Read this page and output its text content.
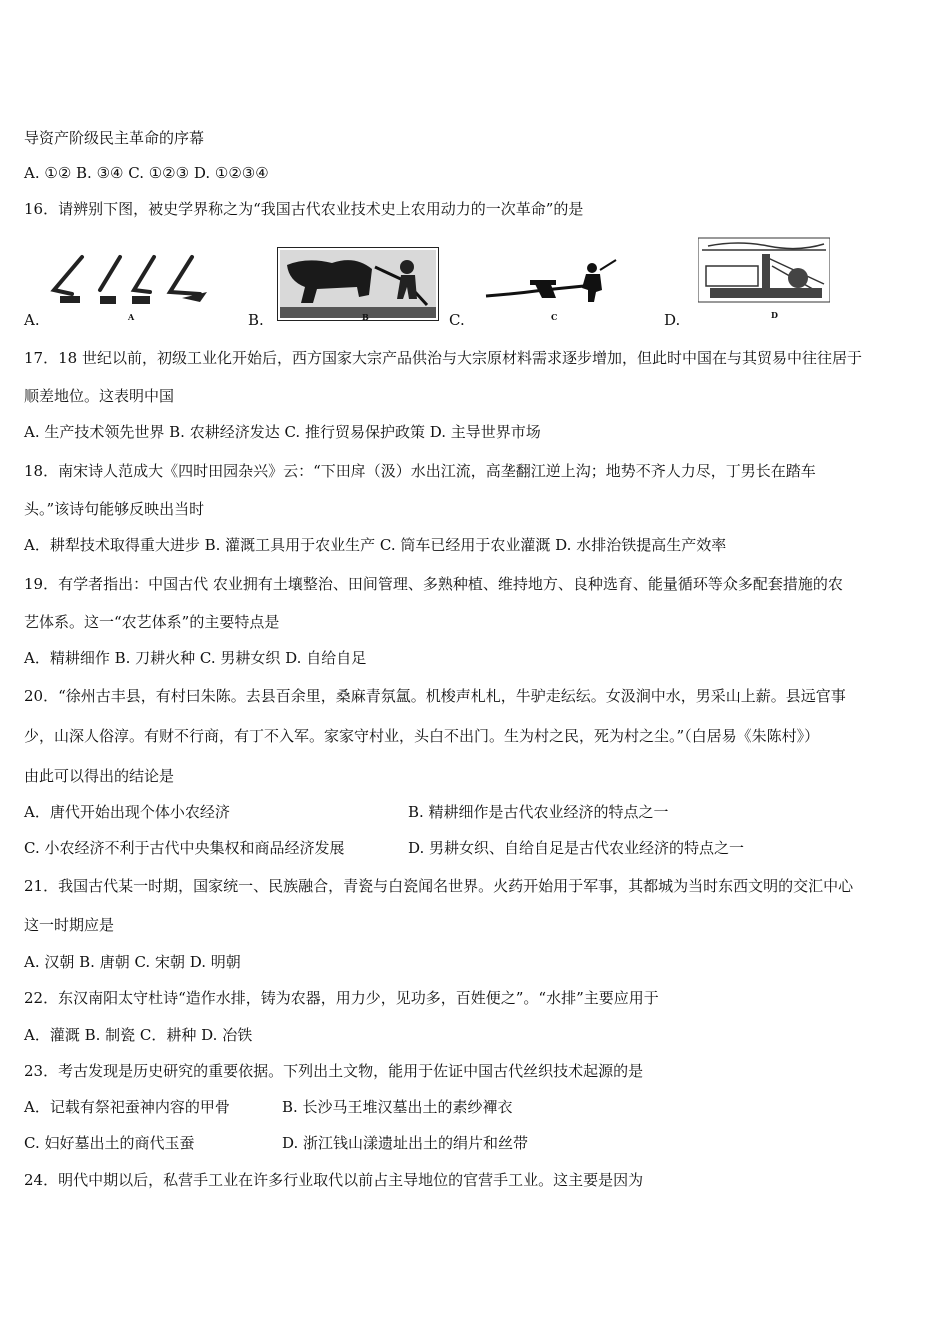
导资产阶级民主革命的序幕
A. ①② B. ③④ C. ①②③ D. ①②③④
16．请辨别下图，被史学界称之为“我国古代农业技术史上农用动力的一次革命”的是
A.	A	B.	B	C.	C	D.	D
17．18 世纪以前，初级工业化开始后，西方国家大宗产品供治与大宗原材料需求逐步增加，但此时中国在与其贸易中往往居于
顺差地位。这表明中国
A. 生产技术领先世界 B. 农耕经济发达 C. 推行贸易保护政策 D. 主导世界市场
18．南宋诗人范成大《四时田园杂兴》云：“下田戽（汲）水出江流，高垄翻江逆上沟；地势不齐人力尽，丁男长在踏车
头。”该诗句能够反映出当时
A．耕犁技术取得重大进步 B. 灌溉工具用于农业生产 C. 筒车已经用于农业灌溉 D. 水排治铁提高生产效率
19．有学者指出：中国古代 农业拥有土壤整治、田间管理、多熟种植、维持地方、良种选育、能量循环等众多配套措施的农
艺体系。这一“农艺体系”的主要特点是
A．精耕细作 B. 刀耕火种 C. 男耕女织 D. 自给自足
20．“徐州古丰县，有村曰朱陈。去县百余里，桑麻青氛氲。机梭声札札，牛驴走纭纭。女汲涧中水，男采山上薪。县远官事
少，山深人俗淳。有财不行商，有丁不入军。家家守村业，头白不出门。生为村之民，死为村之尘。”（白居易《朱陈村》）
由此可以得出的结论是
A．唐代开始出现个体小农经济	B. 精耕细作是古代农业经济的特点之一
C. 小农经济不利于古代中央集权和商品经济发展	D. 男耕女织、自给自足是古代农业经济的特点之一
21．我国古代某一时期，国家统一、民族融合，青瓷与白瓷闻名世界。火药开始用于军事，其都城为当时东西文明的交汇中心
这一时期应是
A. 汉朝 B. 唐朝 C. 宋朝 D. 明朝
22．东汉南阳太守杜诗“造作水排，铸为农器，用力少，见功多，百姓便之”。“水排”主要应用于
A．灌溉 B. 制瓷 C．耕种 D. 冶铁
23．考古发现是历史研究的重要依据。下列出土文物，能用于佐证中国古代丝织技术起源的是
A．记载有祭祀蚕神内容的甲骨	B. 长沙马王堆汉墓出土的素纱襌衣
C. 妇好墓出土的商代玉蚕	D. 浙江钱山漾遗址出土的绢片和丝带
24．明代中期以后，私营手工业在许多行业取代以前占主导地位的官营手工业。这主要是因为
